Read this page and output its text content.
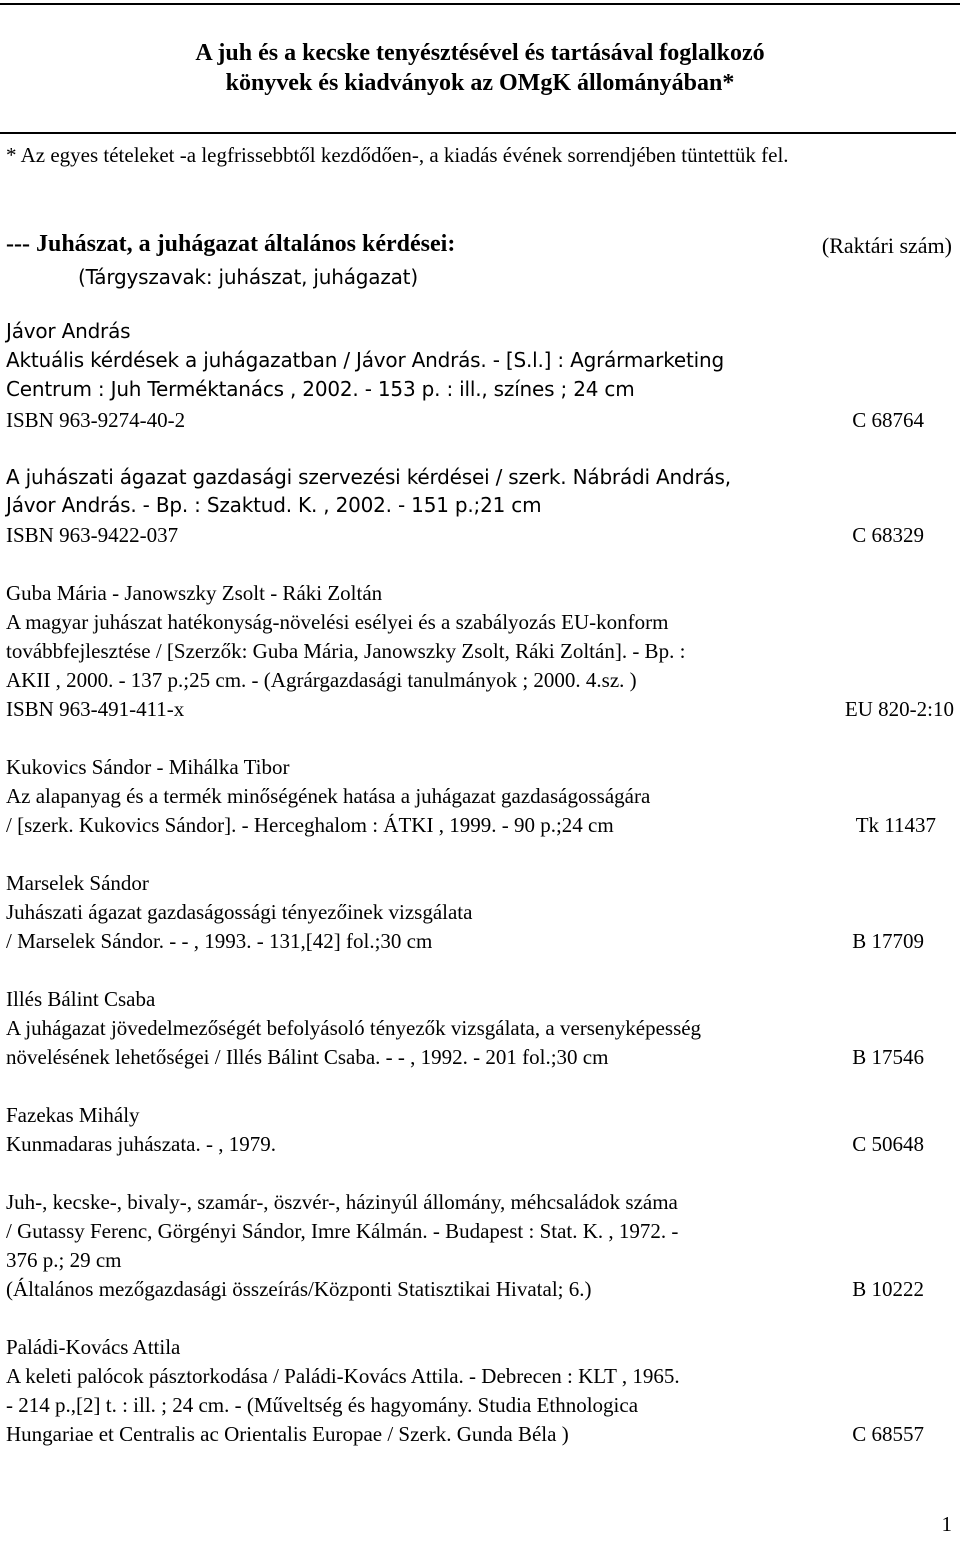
A juh és a kecske tenyésztésével és tartásával foglalkozó
könyvek és kiadványok az OMgK állományában*
* Az egyes tételeket -a legfrissebbtől kezdődően-, a kiadás évének sorrendjében tüntettük fel.
--- Juhászat, a juhágazat általános kérdései:	(Raktári szám)
(Tárgyszavak: juhászat, juhágazat)
Jávor András
Aktuális kérdések a juhágazatban / Jávor András. - [S.l.] : Agrármarketing
Centrum : Juh Terméktanács , 2002. - 153 p. : ill., színes ; 24 cm
ISBN 963-9274-40-2	C 68764
A juhászati ágazat gazdasági szervezési kérdései / szerk. Nábrádi András,
Jávor András. - Bp. : Szaktud. K. , 2002. - 151 p.;21 cm
ISBN 963-9422-037	C 68329
Guba Mária - Janowszky Zsolt - Ráki Zoltán
A magyar juhászat hatékonyság-növelési esélyei és a szabályozás EU-konform
továbbfejlesztése / [Szerzők: Guba Mária, Janowszky Zsolt, Ráki Zoltán]. - Bp. :
AKII , 2000. - 137 p.;25 cm. - (Agrárgazdasági tanulmányok ; 2000. 4.sz. )
ISBN 963-491-411-x	EU 820-2:10
Kukovics Sándor - Mihálka Tibor
Az alapanyag és a termék minőségének hatása a juhágazat gazdaságosságára
/ [szerk. Kukovics Sándor]. - Herceghalom : ÁTKI , 1999. - 90 p.;24 cm	Tk 11437
Marselek Sándor
Juhászati ágazat gazdaságossági tényezőinek vizsgálata
/ Marselek Sándor. - - , 1993. - 131,[42] fol.;30 cm	B 17709
Illés Bálint Csaba
A juhágazat jövedelmezőségét befolyásoló tényezők vizsgálata, a versenyképesség
növelésének lehetőségei / Illés Bálint Csaba. - - , 1992. - 201 fol.;30 cm	B 17546
Fazekas Mihály
Kunmadaras juhászata. - , 1979.	C 50648
Juh-, kecske-, bivaly-, szamár-, öszvér-, házinyúl állomány, méhcsaládok száma
/ Gutassy Ferenc, Görgényi Sándor, Imre Kálmán. - Budapest : Stat. K. , 1972. -
376 p.; 29 cm
(Általános mezőgazdasági összeírás/Központi Statisztikai Hivatal; 6.)	B 10222
Paládi-Kovács Attila
A keleti palócok pásztorkodása / Paládi-Kovács Attila. - Debrecen : KLT , 1965.
- 214 p.,[2] t. : ill. ; 24 cm. - (Műveltség és hagyomány. Studia Ethnologica
Hungariae et Centralis ac Orientalis Europae / Szerk. Gunda Béla )	C 68557
1
